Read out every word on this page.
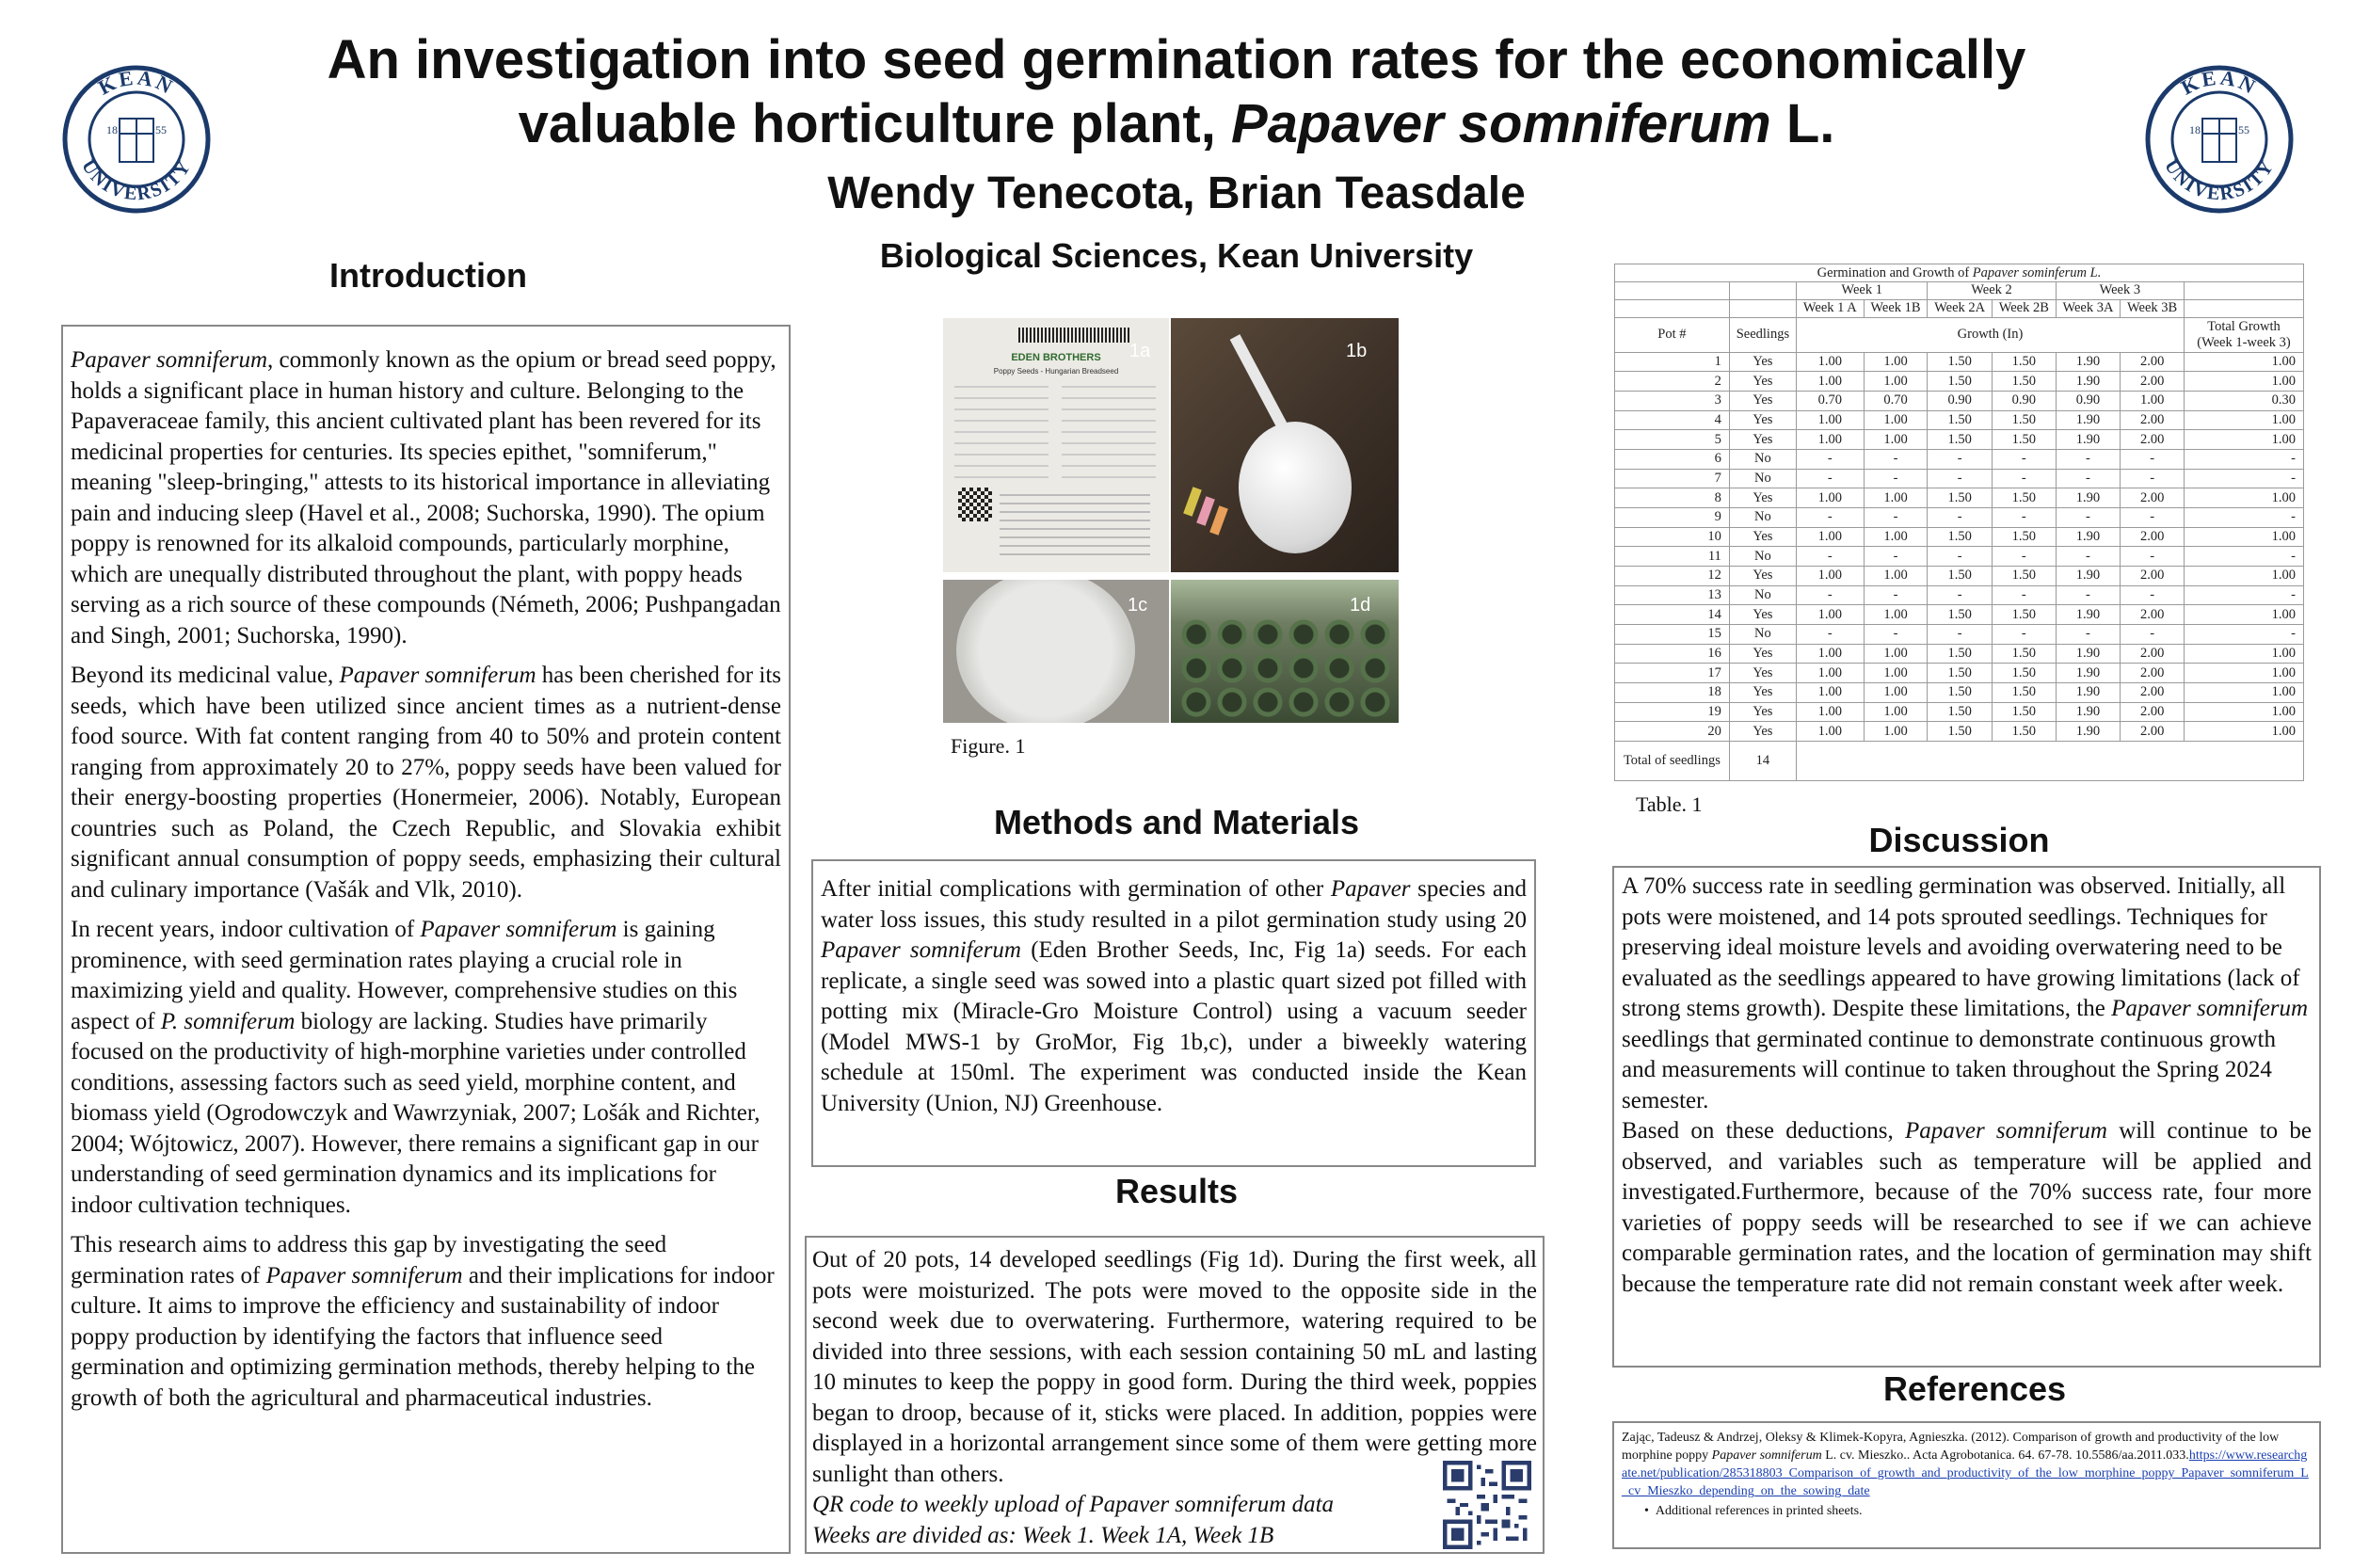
KEAN
UNIVERSITY
18	55
KEAN
UNIVERSITY
18	55
An investigation into seed germination rates for the economically
valuable horticulture plant, Papaver somniferum L.
Wendy Tenecota, Brian Teasdale
Biological Sciences, Kean University
Introduction

Papaver somniferum, commonly known as the opium or bread seed poppy, holds a significant place in human history and culture. Belonging to the Papaveraceae family, this ancient cultivated plant has been revered for its medicinal properties for centuries. Its species epithet, "somniferum," meaning "sleep-bringing," attests to its historical importance in alleviating pain and inducing sleep (Havel et al., 2008; Suchorska, 1990). The opium poppy is renowned for its alkaloid compounds, particularly morphine, which are unequally distributed throughout the plant, with poppy heads serving as a rich source of these compounds (Németh, 2006; Pushpangadan and Singh, 2001; Suchorska, 1990).

Beyond its medicinal value, Papaver somniferum has been cherished for its seeds, which have been utilized since ancient times as a nutrient-dense food source. With fat content ranging from 40 to 50% and protein content ranging from approximately 20 to 27%, poppy seeds have been valued for their energy-boosting properties (Honermeier, 2006). Notably, European countries such as Poland, the Czech Republic, and Slovakia exhibit significant annual consumption of poppy seeds, emphasizing their cultural and culinary importance (Vašák and Vlk, 2010).

In recent years, indoor cultivation of Papaver somniferum is gaining prominence, with seed germination rates playing a crucial role in maximizing yield and quality. However, comprehensive studies on this aspect of P. somniferum biology are lacking. Studies have primarily focused on the productivity of high-morphine varieties under controlled conditions, assessing factors such as seed yield, morphine content, and biomass yield (Ogrodowczyk and Wawrzyniak, 2007; Lošák and Richter, 2004; Wójtowicz, 2007). However, there remains a significant gap in our understanding of seed germination dynamics and its implications for indoor cultivation techniques.

This research aims to address this gap by investigating the seed germination rates of Papaver somniferum and their implications for indoor culture. It aims to improve the efficiency and sustainability of indoor poppy production by identifying the factors that influence seed germination and optimizing germination methods, thereby helping to the growth of both the agricultural and pharmaceutical industries.

EDEN BROTHERS
Poppy Seeds - Hungarian Breadseed
1a	1b
1c	1d
Figure. 1
Methods and Materials
After initial complications with germination of other Papaver species and water loss issues, this study resulted in a pilot germination study using 20 Papaver somniferum (Eden Brother Seeds, Inc, Fig 1a) seeds. For each replicate, a single seed was sowed into a plastic quart sized pot filled with potting mix (Miracle-Gro Moisture Control) using a vacuum seeder (Model MWS-1 by GroMor, Fig 1b,c), under a biweekly watering schedule at 150ml. The experiment was conducted inside the Kean University (Union, NJ) Greenhouse.
Results
Out of 20 pots, 14 developed seedlings (Fig 1d). During the first week, all pots were moisturized. The pots were moved to the opposite side in the second week due to overwatering. Furthermore, watering required to be divided into three sessions, with each session containing 50 mL and lasting 10 minutes to keep the poppy in good form. During the third week, poppies began to droop, because of it, sticks were placed. In addition, poppies were displayed in a horizontal arrangement since some of them were getting more sunlight than others.
QR code to weekly upload of Papaver somniferum data
Weeks are divided as: Week 1. Week 1A, Week 1B
Germination and Growth of Papaver sominferum L.								
		Week 1		Week 2		Week 3		
		Week 1 A	Week 1B	Week 2A	Week 2B	Week 3A	Week 3B	
Pot #	Seedlings	Growth (In)						Total Growth (Week 1-week 3)
1	Yes	1.00	1.00	1.50	1.50	1.90	2.00	1.00
2	Yes	1.00	1.00	1.50	1.50	1.90	2.00	1.00
3	Yes	0.70	0.70	0.90	0.90	0.90	1.00	0.30
4	Yes	1.00	1.00	1.50	1.50	1.90	2.00	1.00
5	Yes	1.00	1.00	1.50	1.50	1.90	2.00	1.00
6	No	-	-	-	-	-	-	-
7	No	-	-	-	-	-	-	-
8	Yes	1.00	1.00	1.50	1.50	1.90	2.00	1.00
9	No	-	-	-	-	-	-	-
10	Yes	1.00	1.00	1.50	1.50	1.90	2.00	1.00
11	No	-	-	-	-	-	-	-
12	Yes	1.00	1.00	1.50	1.50	1.90	2.00	1.00
13	No	-	-	-	-	-	-	-
14	Yes	1.00	1.00	1.50	1.50	1.90	2.00	1.00
15	No	-	-	-	-	-	-	-
16	Yes	1.00	1.00	1.50	1.50	1.90	2.00	1.00
17	Yes	1.00	1.00	1.50	1.50	1.90	2.00	1.00
18	Yes	1.00	1.00	1.50	1.50	1.90	2.00	1.00
19	Yes	1.00	1.00	1.50	1.50	1.90	2.00	1.00
20	Yes	1.00	1.00	1.50	1.50	1.90	2.00	1.00
Total of seedlings	14							
Table. 1
Discussion
A 70% success rate in seedling germination was observed. Initially, all pots were moistened, and 14 pots sprouted seedlings. Techniques for preserving ideal moisture levels and avoiding overwatering need to be evaluated as the seedlings appeared to have growing limitations (lack of strong stems growth). Despite these limitations, the Papaver somniferum seedlings that germinated continue to demonstrate continuous growth and measurements will continue to taken throughout the Spring 2024 semester.
Based on these deductions, Papaver somniferum will continue to be observed, and variables such as temperature will be applied and investigated.Furthermore, because of the 70% success rate, four more varieties of poppy seeds will be researched to see if we can achieve comparable germination rates, and the location of germination may shift because the temperature rate did not remain constant week after week.
References
Zając, Tadeusz & Andrzej, Oleksy & Klimek-Kopyra, Agnieszka. (2012). Comparison of growth and productivity of the low morphine poppy Papaver somniferum L. cv. Mieszko.. Acta Agrobotanica. 64. 67-78. 10.5586/aa.2011.033.https://www.researchgate.net/publication/285318803_Comparison_of_growth_and_productivity_of_the_low_morphine_poppy_Papaver_somniferum_L_cv_Mieszko_depending_on_the_sowing_date
•  Additional references in printed sheets.
